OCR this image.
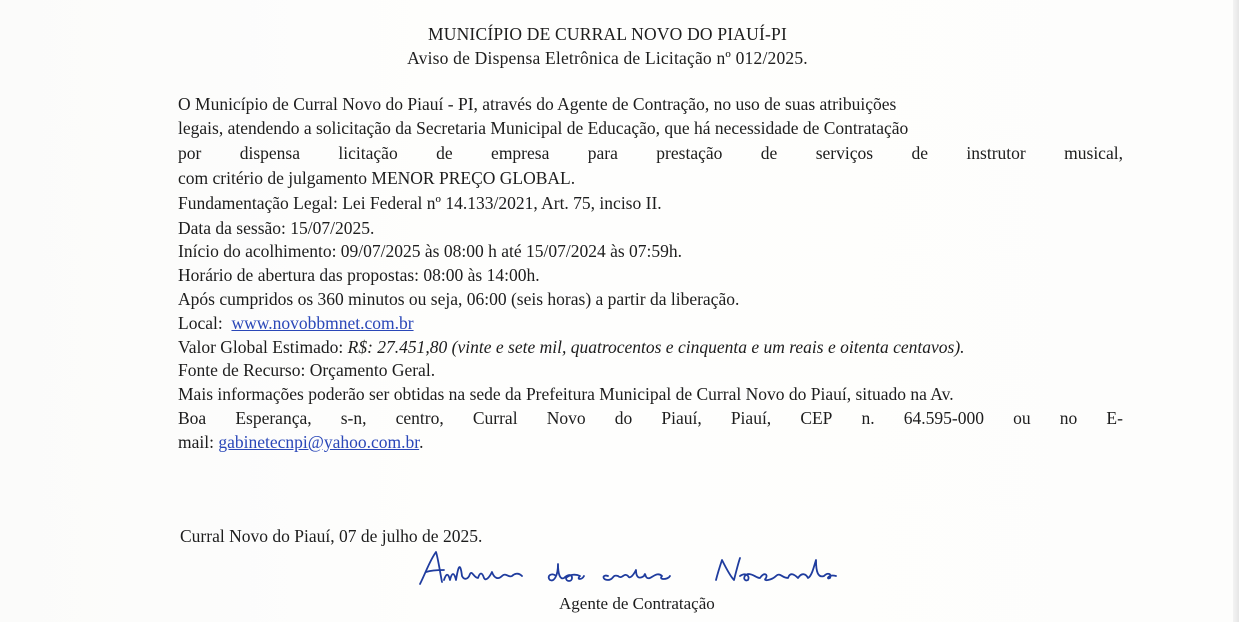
MUNICÍPIO DE CURRAL NOVO DO PIAUÍ-PI
Aviso de Dispensa Eletrônica de Licitação nº 012/2025.
O Município de Curral Novo do Piauí - PI, através do Agente de Contração, no uso de suas atribuições
legais, atendendo a solicitação da Secretaria Municipal de Educação, que há necessidade de Contratação
por dispensa licitação de empresa para prestação de serviços de instrutor musical,
com critério de julgamento MENOR PREÇO GLOBAL.
Fundamentação Legal: Lei Federal nº 14.133/2021, Art. 75, inciso II.
Data da sessão: 15/07/2025.
Início do acolhimento: 09/07/2025 às 08:00 h até 15/07/2024 às 07:59h.
Horário de abertura das propostas: 08:00 às 14:00h.
Após cumpridos os 360 minutos ou seja, 06:00 (seis horas) a partir da liberação.
Local: www.novobbmnet.com.br
Valor Global Estimado: R$: 27.451,80 (vinte e sete mil, quatrocentos e cinquenta e um reais e oitenta centavos).
Fonte de Recurso: Orçamento Geral.
Mais informações poderão ser obtidas na sede da Prefeitura Municipal de Curral Novo do Piauí, situado na Av.
Boa Esperança, s-n, centro, Curral Novo do Piauí, Piauí, CEP n. 64.595-000 ou no E-
mail: gabinetecnpi@yahoo.com.br.
Curral Novo do Piauí, 07 de julho de 2025.
Agente de Contratação
